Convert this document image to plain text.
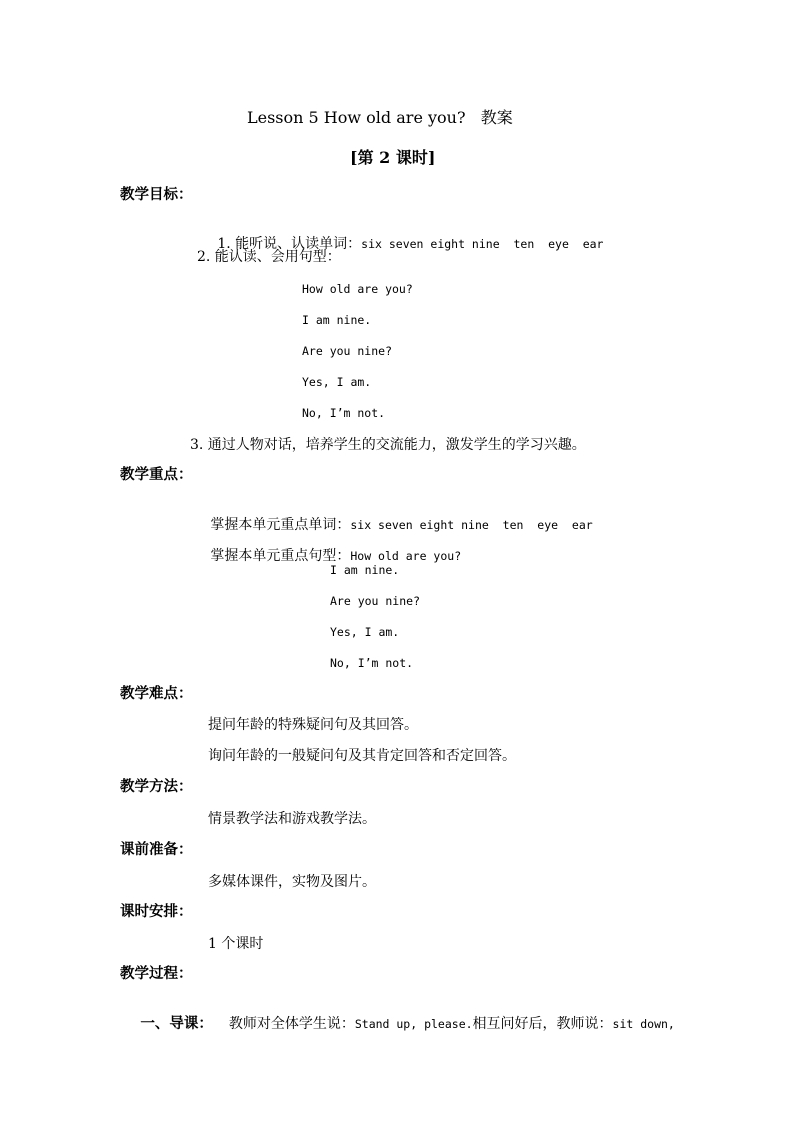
Lesson 5 How old are you?   教案
[第 2 课时]
教学目标：

1. 能听说、认读单词：six seven eight nine  ten  eye  ear

2. 能认读、会用句型：
How old are you?
I am nine.
Are you nine?
Yes, I am.
No, I’m not.
3. 通过人物对话，培养学生的交流能力，激发学生的学习兴趣。
教学重点：

掌握本单元重点单词：six seven eight nine  ten  eye  ear

掌握本单元重点句型：How old are you?

I am nine.
Are you nine?
Yes, I am.
No, I’m not.
教学难点：
提问年龄的特殊疑问句及其回答。
询问年龄的一般疑问句及其肯定回答和否定回答。
教学方法：
情景教学法和游戏教学法。
课前准备：
多媒体课件，实物及图片。
课时安排：
1 个课时
教学过程：

一、导课： 教师对全体学生说：Stand up, please.相互问好后，教师说：sit down,
